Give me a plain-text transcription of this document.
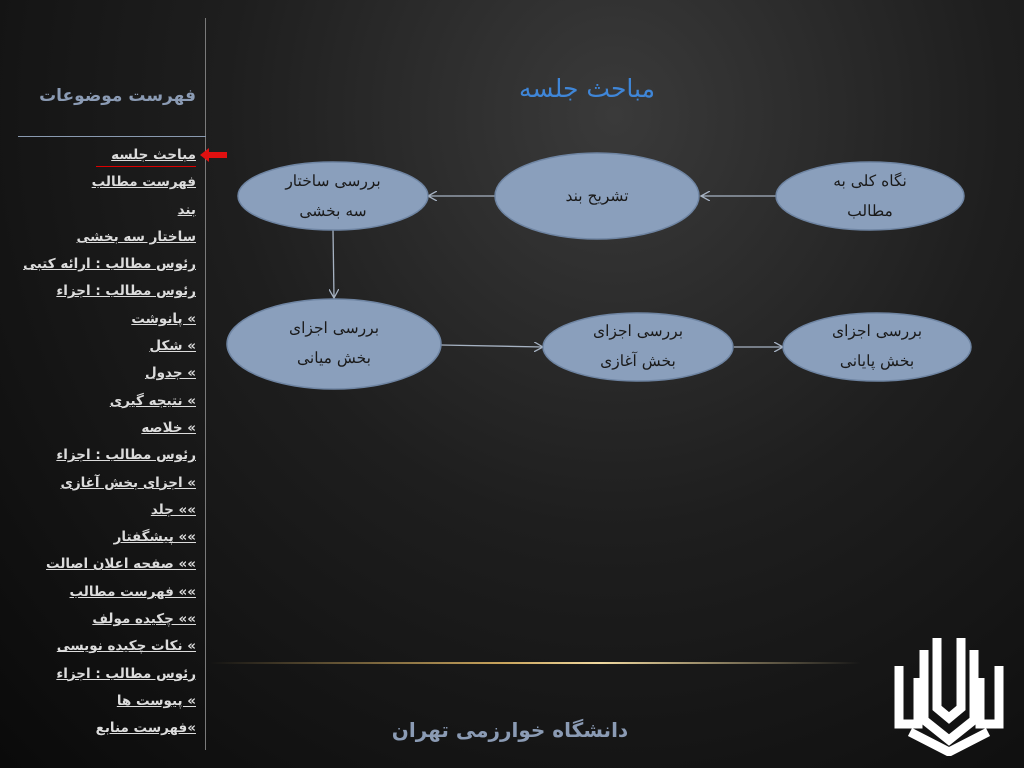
فهرست موضوعات
مباحث جلسه
فهرست مطالب
بند
ساختار سه بخشی
رئوس مطالب : ارائه کتبی
رئوس مطالب : اجزاء
» پانوشت
» شکل
» جدول
» نتیجه گیری
» خلاصه
رئوس مطالب : اجزاء
» اجزای بخش آغازی
»» جلد
»» پیشگفتار
»» صفحه اعلان اصالت
»» فهرست مطالب
»» چکیده مولف
» نکات چکیده نویسی
رئوس مطالب : اجزاء
» پیوست ها
»فهرست منابع
مباحث جلسه
نگاه کلی به
مطالب
تشریح بند
بررسی ساختار
سه بخشی
بررسی اجزای
بخش میانی
بررسی اجزای
بخش آغازی
بررسی اجزای
بخش پایانی
دانشگاه خوارزمی تهران
